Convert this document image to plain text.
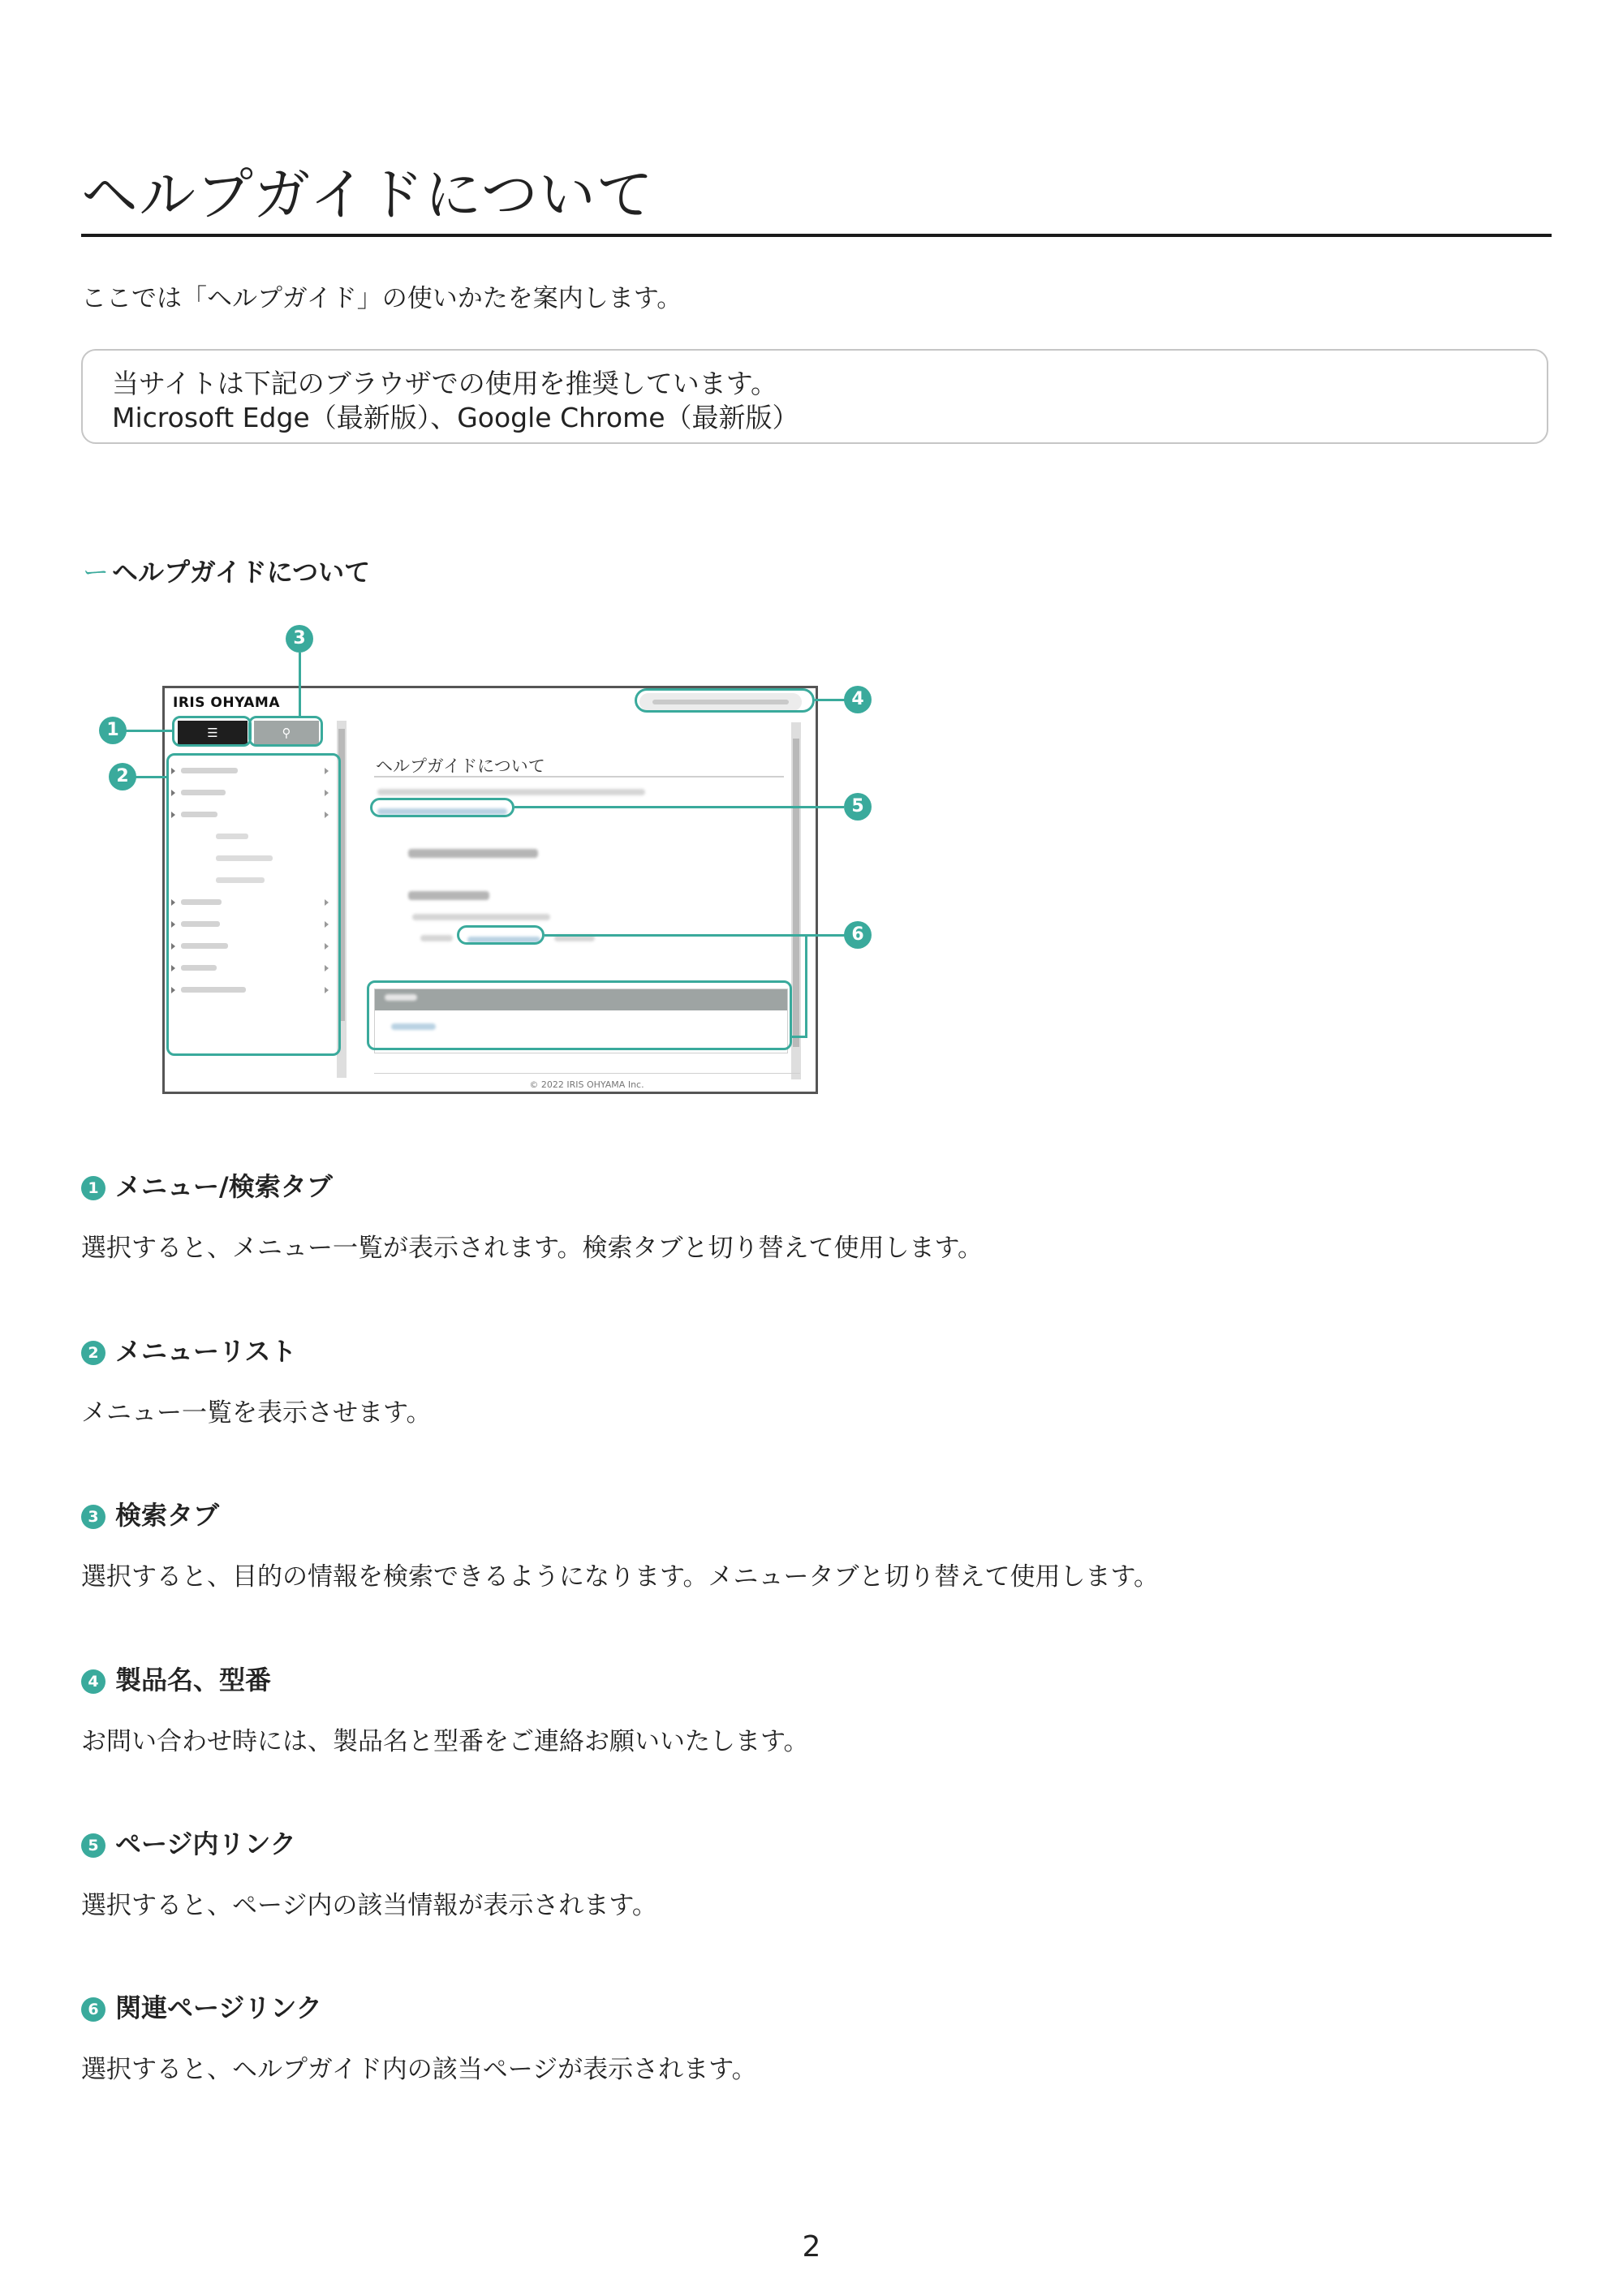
ヘルプガイドについて
ここでは「ヘルプガイド」の使いかたを案内します。
当サイトは下記のブラウザでの使用を推奨しています。
Microsoft Edge（最新版）、Google Chrome（最新版）
ー ヘルプガイドについて
IRIS OHYAMA
☰	⚲
ヘルプガイドについて
© 2022 IRIS OHYAMA Inc.
1
2
3
4
5
6
1 メニュー/検索タブ
選択すると、メニュー一覧が表示されます。検索タブと切り替えて使用します。
2 メニューリスト
メニュー一覧を表示させます。
3 検索タブ
選択すると、目的の情報を検索できるようになります。メニュータブと切り替えて使用します。
4 製品名、型番
お問い合わせ時には、製品名と型番をご連絡お願いいたします。
5 ページ内リンク
選択すると、ページ内の該当情報が表示されます。
6 関連ページリンク
選択すると、ヘルプガイド内の該当ページが表示されます。
2
